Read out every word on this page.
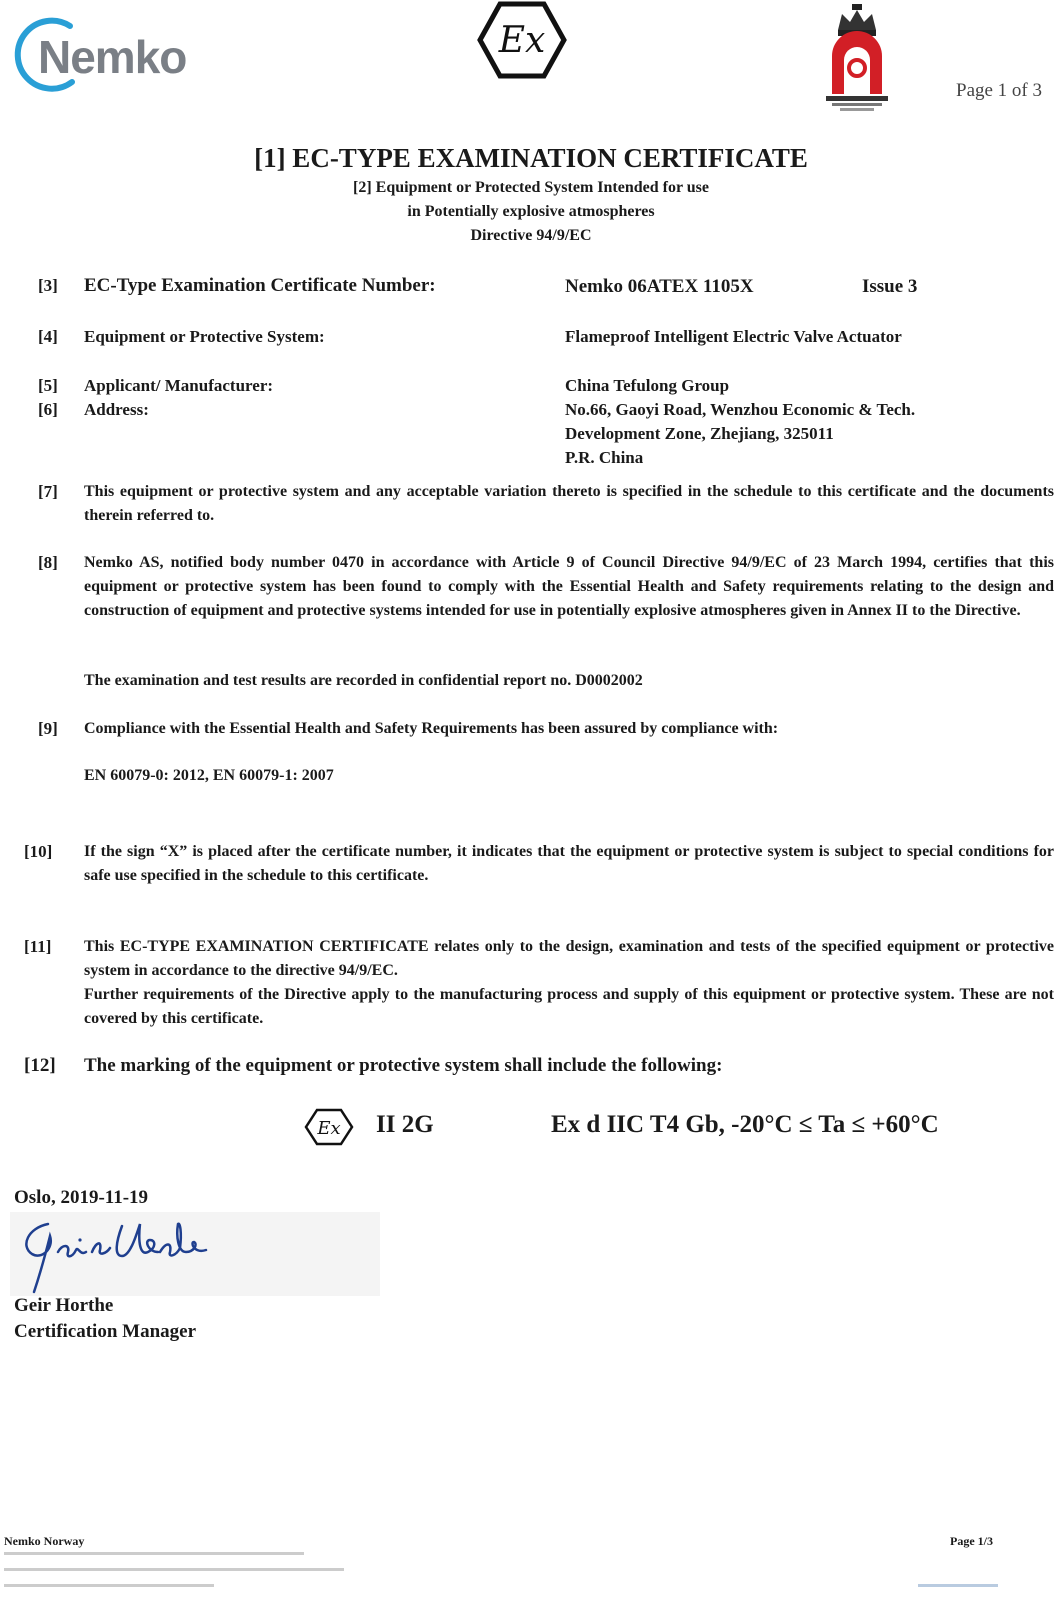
Nemko	Ex
Page 1 of 3
[1] EC-TYPE EXAMINATION CERTIFICATE
[2] Equipment or Protected System Intended for use
in Potentially explosive atmospheres
Directive 94/9/EC
[3] EC-Type Examination Certificate Number:	Nemko 06ATEX 1105X	Issue 3
[4] Equipment or Protective System:	Flameproof Intelligent Electric Valve Actuator
[5] Applicant/ Manufacturer:	China Tefulong Group
[6] Address:	No.66, Gaoyi Road, Wenzhou Economic & Tech.
Development Zone, Zhejiang, 325011
P.R. China
[7] This equipment or protective system and any acceptable variation thereto is specified in the schedule to this certificate and the documents therein referred to.
[8] Nemko AS, notified body number 0470 in accordance with Article 9 of Council Directive 94/9/EC of 23 March 1994, certifies that this equipment or protective system has been found to comply with the Essential Health and Safety requirements relating to the design and construction of equipment and protective systems intended for use in potentially explosive atmospheres given in Annex II to the Directive.
The examination and test results are recorded in confidential report no. D0002002
[9] Compliance with the Essential Health and Safety Requirements has been assured by compliance with:
EN 60079-0: 2012, EN 60079-1: 2007
[10] If the sign “X” is placed after the certificate number, it indicates that the equipment or protective system is subject to special conditions for safe use specified in the schedule to this certificate.
[11] This EC-TYPE EXAMINATION CERTIFICATE relates only to the design, examination and tests of the specified equipment or protective system in accordance to the directive 94/9/EC.
Further requirements of the Directive apply to the manufacturing process and supply of this equipment or protective system. These are not covered by this certificate.
[12] The marking of the equipment or protective system shall include the following:
Ex II 2G	Ex d IIC T4 Gb, -20°C ≤ Ta ≤ +60°C
Oslo, 2019-11-19
Geir Horthe
Certification Manager
Nemko Norway	Page 1/3
